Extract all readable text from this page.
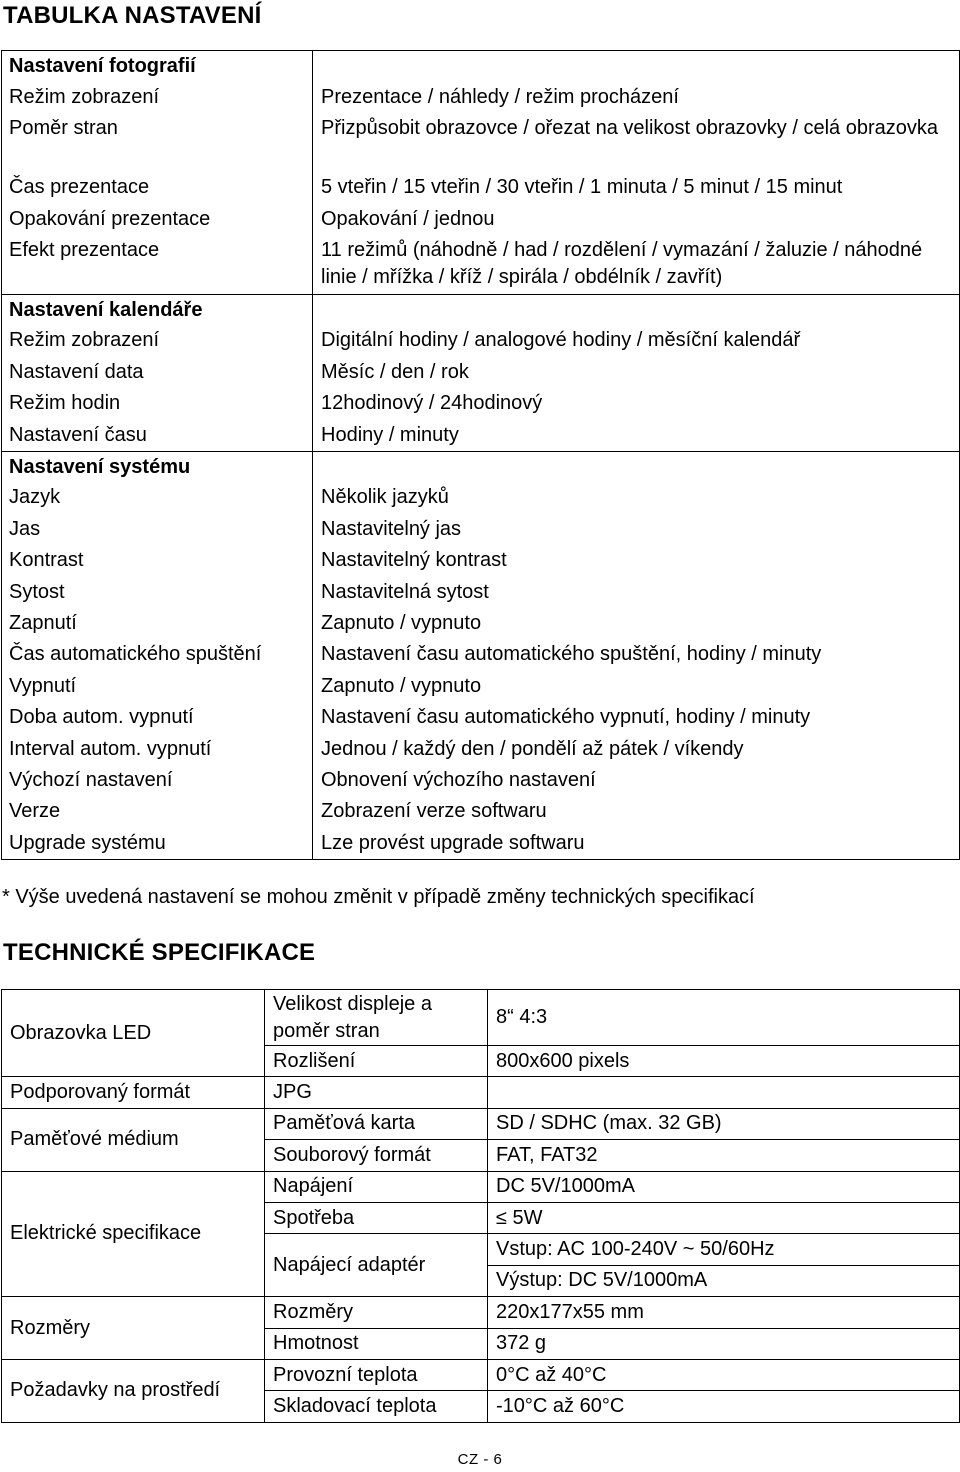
TABULKA NASTAVENÍ
Nastavení fotografií	
Režim zobrazení	Prezentace / náhledy / režim procházení
Poměr stran	Přizpůsobit obrazovce / ořezat na velikost obrazovky / celá obrazovka
Čas prezentace	5 vteřin / 15 vteřin / 30 vteřin / 1 minuta / 5 minut / 15 minut
Opakování prezentace	Opakování / jednou
Efekt prezentace	11 režimů (náhodně / had / rozdělení / vymazání / žaluzie / náhodné linie / mřížka / kříž / spirála / obdélník / zavřít)
Nastavení kalendáře	
Režim zobrazení	Digitální hodiny / analogové hodiny / měsíční kalendář
Nastavení data	Měsíc / den / rok
Režim hodin	12hodinový / 24hodinový
Nastavení času	Hodiny / minuty
Nastavení systému	
Jazyk	Několik jazyků
Jas	Nastavitelný jas
Kontrast	Nastavitelný kontrast
Sytost	Nastavitelná sytost
Zapnutí	Zapnuto / vypnuto
Čas automatického spuštění	Nastavení času automatického spuštění, hodiny / minuty
Vypnutí	Zapnuto / vypnuto
Doba autom. vypnutí	Nastavení času automatického vypnutí, hodiny / minuty
Interval autom. vypnutí	Jednou / každý den / pondělí až pátek / víkendy
Výchozí nastavení	Obnovení výchozího nastavení
Verze	Zobrazení verze softwaru
Upgrade systému	Lze provést upgrade softwaru
* Výše uvedená nastavení se mohou změnit v případě změny technických specifikací
TECHNICKÉ SPECIFIKACE
Obrazovka LED	Velikost displeje a poměr stran	8“ 4:3
	Rozlišení	800x600 pixels
Podporovaný formát	JPG	
Paměťové médium	Paměťová karta	SD / SDHC (max. 32 GB)
	Souborový formát	FAT, FAT32
Elektrické specifikace	Napájení	DC 5V/1000mA
	Spotřeba	≤ 5W
	Napájecí adaptér	Vstup: AC 100-240V ~ 50/60Hz
		Výstup: DC 5V/1000mA
Rozměry	Rozměry	220x177x55 mm
	Hmotnost	372 g
Požadavky na prostředí	Provozní teplota	0°C až 40°C
	Skladovací teplota	-10°C až 60°C
CZ - 6
